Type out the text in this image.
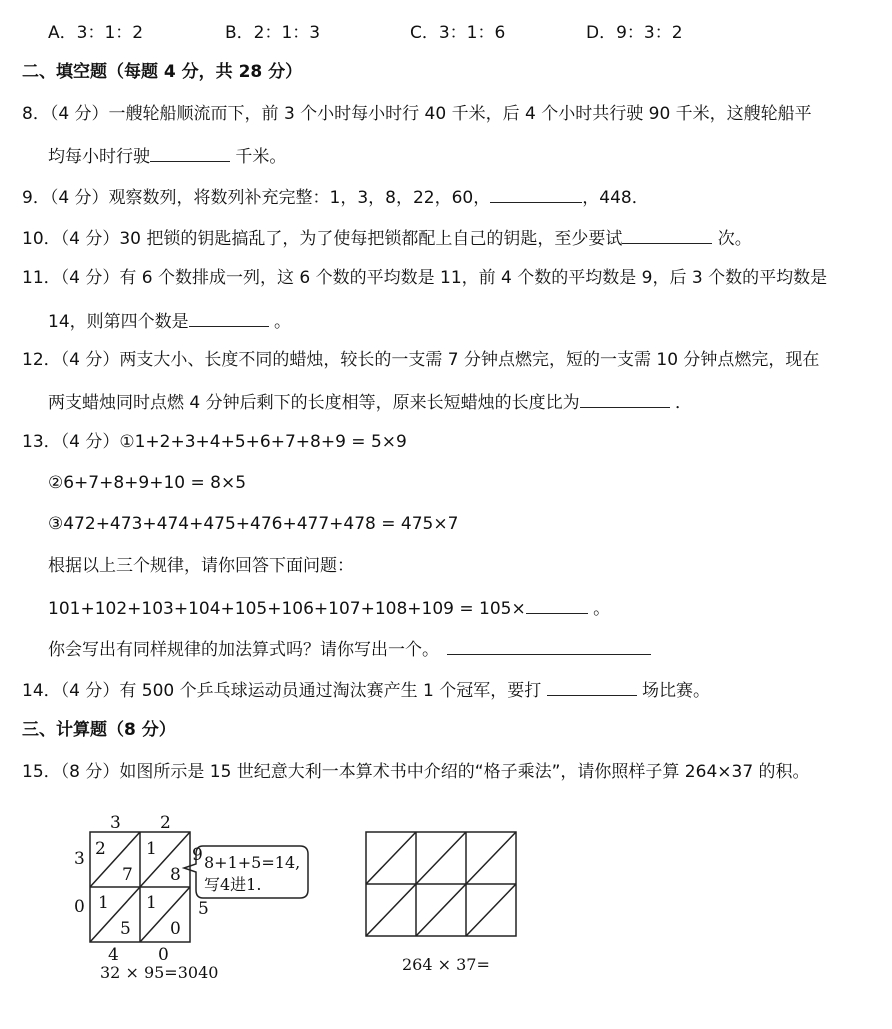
A．3：1：2	B．2：1：3	C．3：1：6	D．9：3：2
二、填空题（每题 4 分，共 28 分）
8．（4 分）一艘轮船顺流而下，前 3 个小时每小时行 40 千米，后 4 个小时共行驶 90 千米，这艘轮船平
均每小时行驶	千米。
9．（4 分）观察数列，将数列补充完整：1，3，8，22，60，	，448．
10．（4 分）30 把锁的钥匙搞乱了，为了使每把锁都配上自己的钥匙，至少要试	次。
11．（4 分）有 6 个数排成一列，这 6 个数的平均数是 11，前 4 个数的平均数是 9，后 3 个数的平均数是
14，则第四个数是	。
12．（4 分）两支大小、长度不同的蜡烛，较长的一支需 7 分钟点燃完，短的一支需 10 分钟点燃完，现在
两支蜡烛同时点燃 4 分钟后剩下的长度相等，原来长短蜡烛的长度比为	．
13．（4 分）①1+2+3+4+5+6+7+8+9 = 5×9
②6+7+8+9+10 = 8×5
③472+473+474+475+476+477+478 = 475×7
根据以上三个规律，请你回答下面问题：
101+102+103+104+105+106+107+108+109 = 105×	。
你会写出有同样规律的加法算式吗？请你写出一个。
14．（4 分）有 500 个乒乓球运动员通过淘汰赛产生 1 个冠军，要打	场比赛。
三、计算题（8 分）
15．（8 分）如图所示是 15 世纪意大利一本算术书中介绍的“格子乘法”，请你照样子算 264×37 的积。
3 2
9
5
3
0
4 0
2
7
1
8
1
5
1
0
8+1+5=14,
写4进1.
32 × 95=3040	264 × 37=
